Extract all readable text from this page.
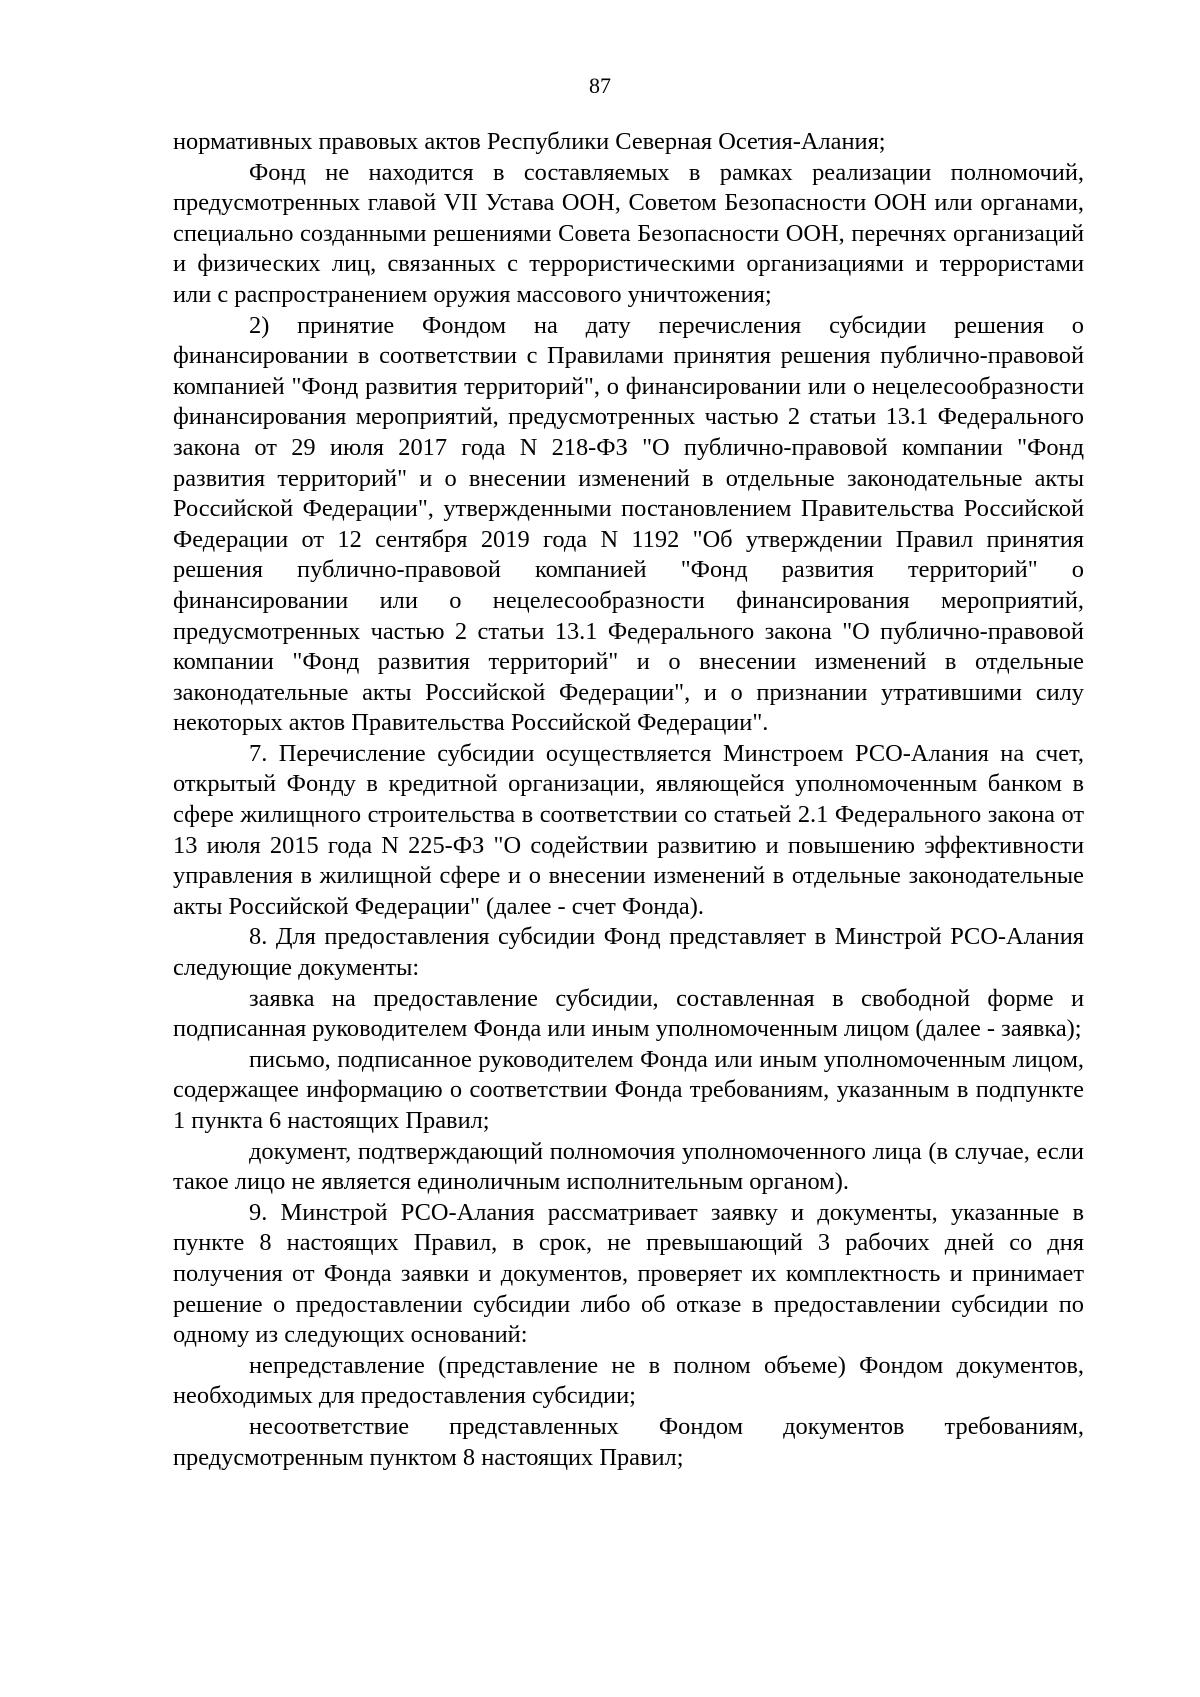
87

нормативных правовых актов Республики Северная Осетия-Алания;

Фонд не находится в составляемых в рамках реализации полномочий, предусмотренных главой VII Устава ООН, Советом Безопасности ООН или органами, специально созданными решениями Совета Безопасности ООН, перечнях организаций и физических лиц, связанных с террористическими организациями и террористами или с распространением оружия массового уничтожения;

2) принятие Фондом на дату перечисления субсидии решения о финансировании в соответствии с Правилами принятия решения публично-правовой компанией "Фонд развития территорий", о финансировании или о нецелесообразности финансирования мероприятий, предусмотренных частью 2 статьи 13.1 Федерального закона от 29 июля 2017 года N 218-ФЗ "О публично-правовой компании "Фонд развития территорий" и о внесении изменений в отдельные законодательные акты Российской Федерации", утвержденными постановлением Правительства Российской Федерации от 12 сентября 2019 года N 1192 "Об утверждении Правил принятия решения публично-правовой компанией "Фонд развития территорий" о финансировании или о нецелесообразности финансирования мероприятий, предусмотренных частью 2 статьи 13.1 Федерального закона "О публично-правовой компании "Фонд развития территорий" и о внесении изменений в отдельные законодательные акты Российской Федерации", и о признании утратившими силу некоторых актов Правительства Российской Федерации".

7. Перечисление субсидии осуществляется Минстроем РСО-Алания на счет, открытый Фонду в кредитной организации, являющейся уполномоченным банком в сфере жилищного строительства в соответствии со статьей 2.1 Федерального закона от 13 июля 2015 года N 225-ФЗ "О содействии развитию и повышению эффективности управления в жилищной сфере и о внесении изменений в отдельные законодательные акты Российской Федерации" (далее - счет Фонда).

8. Для предоставления субсидии Фонд представляет в Минстрой РСО-Алания следующие документы:

заявка на предоставление субсидии, составленная в свободной форме и подписанная руководителем Фонда или иным уполномоченным лицом (далее - заявка);

письмо, подписанное руководителем Фонда или иным уполномоченным лицом, содержащее информацию о соответствии Фонда требованиям, указанным в подпункте 1 пункта 6 настоящих Правил;

документ, подтверждающий полномочия уполномоченного лица (в случае, если такое лицо не является единоличным исполнительным органом).

9. Минстрой РСО-Алания рассматривает заявку и документы, указанные в пункте 8 настоящих Правил, в срок, не превышающий 3 рабочих дней со дня получения от Фонда заявки и документов, проверяет их комплектность и принимает решение о предоставлении субсидии либо об отказе в предоставлении субсидии по одному из следующих оснований:

непредставление (представление не в полном объеме) Фондом документов, необходимых для предоставления субсидии;

несоответствие представленных Фондом документов требованиям, предусмотренным пунктом 8 настоящих Правил;
